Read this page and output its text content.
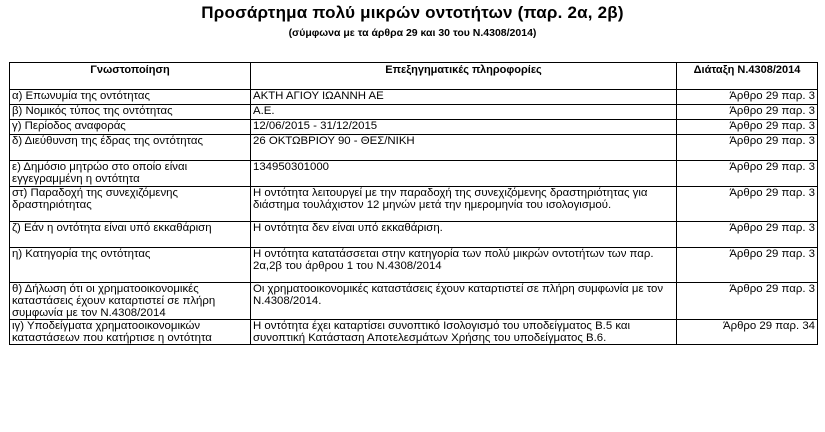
Προσάρτημα πολύ μικρών οντοτήτων (παρ. 2α, 2β)
(σύμφωνα με τα άρθρα 29 και 30 του Ν.4308/2014)
Γνωστοποίηση	Επεξηγηματικές πληροφορίες	Διάταξη Ν.4308/2014
α) Επωνυμία της οντότητας	ΑΚΤΗ ΑΓΙΟΥ ΙΩΑΝΝΗ ΑΕ	Άρθρο 29 παρ. 3
β) Νομικός τύπος της οντότητας	Α.Ε.	Άρθρο 29 παρ. 3
γ) Περίοδος αναφοράς	12/06/2015 - 31/12/2015	Άρθρο 29 παρ. 3
δ) Διεύθυνση της έδρας της οντότητας	26 ΟΚΤΩΒΡΙΟΥ 90 - ΘΕΣ/ΝΙΚΗ	Άρθρο 29 παρ. 3
ε) Δημόσιο μητρώο στο οποίο είναι εγγεγραμμένη η οντότητα	134950301000	Άρθρο 29 παρ. 3
στ) Παραδοχή της συνεχιζόμενης δραστηριότητας	Η οντότητα λειτουργεί με την παραδοχή της συνεχιζόμενης δραστηριότητας για διάστημα τουλάχιστον 12 μηνών μετά την ημερομηνία του ισολογισμού.	Άρθρο 29 παρ. 3
ζ) Εάν η οντότητα είναι υπό εκκαθάριση	Η οντότητα δεν είναι υπό εκκαθάριση.	Άρθρο 29 παρ. 3
η) Κατηγορία της οντότητας	Η οντότητα κατατάσσεται στην κατηγορία των πολύ μικρών οντοτήτων των παρ. 2α,2β του άρθρου 1 του Ν.4308/2014	Άρθρο 29 παρ. 3
θ) Δήλωση ότι οι χρηματοοικονομικές καταστάσεις έχουν καταρτιστεί σε πλήρη συμφωνία με τον Ν.4308/2014	Οι χρηματοοικονομικές καταστάσεις έχουν καταρτιστεί σε πλήρη συμφωνία με τον Ν.4308/2014.	Άρθρο 29 παρ. 3
ιγ) Υποδείγματα χρηματοοικονομικών καταστάσεων που κατήρτισε η οντότητα	Η οντότητα έχει καταρτίσει συνοπτικό Ισολογισμό του υποδείγματος Β.5 και συνοπτική Κατάσταση Αποτελεσμάτων Χρήσης του υποδείγματος Β.6.	Άρθρο 29 παρ. 34
